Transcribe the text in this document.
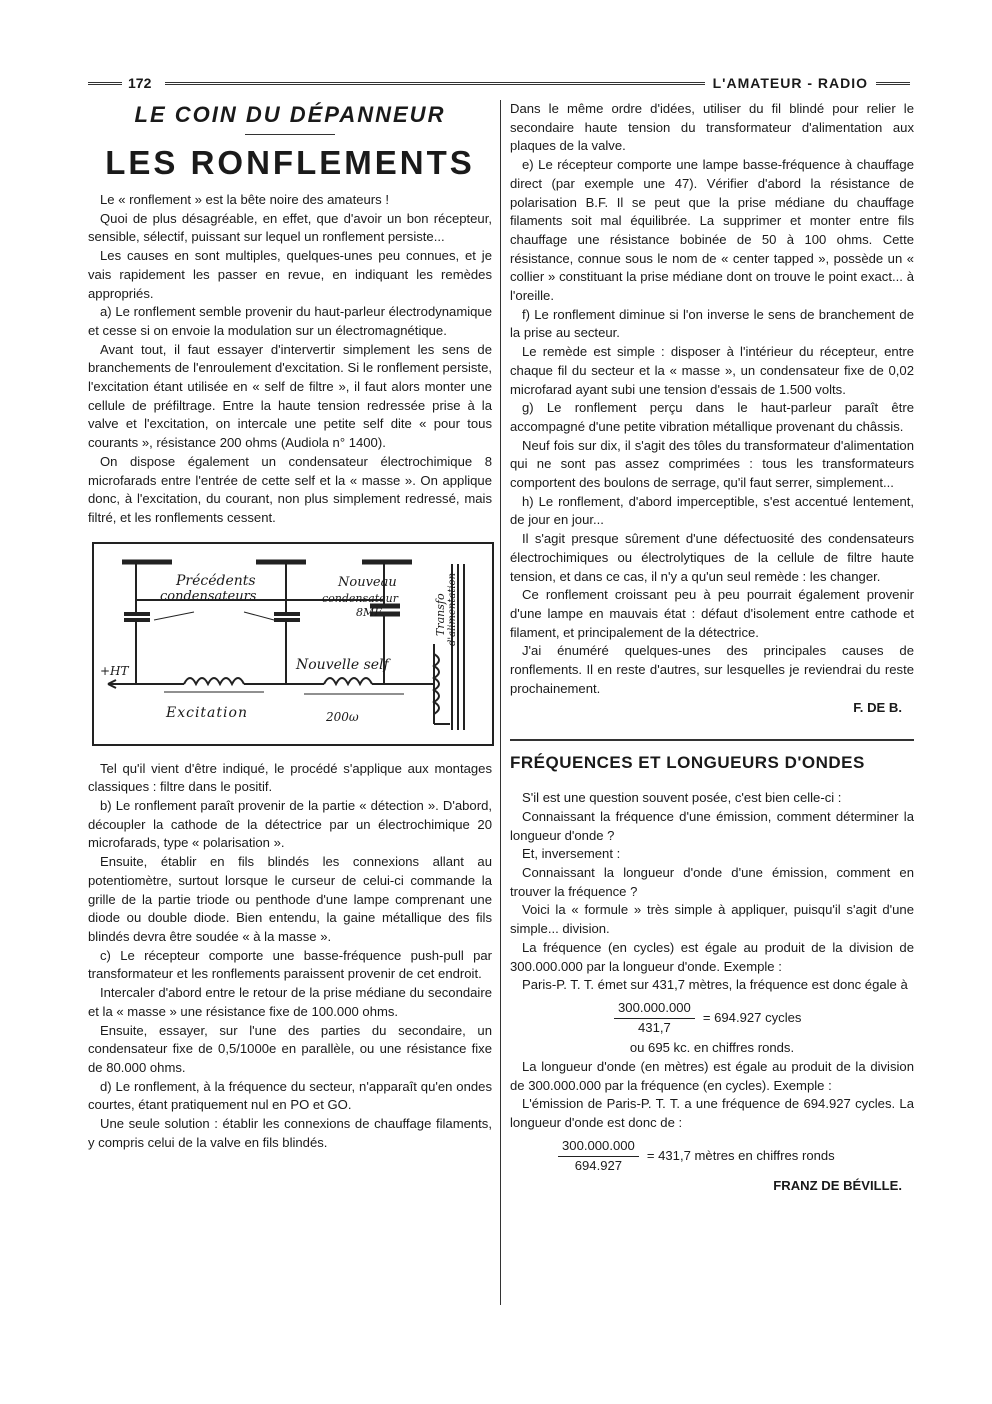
172	L'AMATEUR - RADIO
LE COIN DU DÉPANNEUR
LES RONFLEMENTS

Le « ronflement » est la bête noire des amateurs !

Quoi de plus désagréable, en effet, que d'avoir un bon récepteur, sensible, sélectif, puissant sur lequel un ronflement persiste...

Les causes en sont multiples, quelques-unes peu connues, et je vais rapidement les passer en revue, en indiquant les remèdes appropriés.

a) Le ronflement semble provenir du haut-parleur électrodynamique et cesse si on envoie la modulation sur un électromagnétique.

Avant tout, il faut essayer d'intervertir simplement les sens de branchements de l'enroulement d'excitation. Si le ronflement persiste, l'excitation étant utilisée en « self de filtre », il faut alors monter une cellule de préfiltrage. Entre la haute tension redressée prise à la valve et l'excitation, on intercale une petite self dite « pour tous courants », résistance 200 ohms (Audiola n° 1400).

On dispose également un condensateur électrochimique 8 microfarads entre l'entrée de cette self et la « masse ». On applique donc, à l'excitation, du courant, non plus simplement redressé, mais filtré, et les ronflements cessent.

Précédents
condensateurs
Nouveau
condensateur
8MF	Transfo d'alimentation
+HT	Nouvelle self
Excitation	200ω

Tel qu'il vient d'être indiqué, le procédé s'applique aux montages classiques : filtre dans le positif.

b) Le ronflement paraît provenir de la partie « détection ». D'abord, découpler la cathode de la détectrice par un électrochimique 20 microfarads, type « polarisation ».

Ensuite, établir en fils blindés les connexions allant au potentiomètre, surtout lorsque le curseur de celui-ci commande la grille de la partie triode ou penthode d'une lampe comprenant une diode ou double diode. Bien entendu, la gaine métallique des fils blindés devra être soudée « à la masse ».

c) Le récepteur comporte une basse-fréquence push-pull par transformateur et les ronflements paraissent provenir de cet endroit.

Intercaler d'abord entre le retour de la prise médiane du secondaire et la « masse » une résistance fixe de 100.000 ohms.

Ensuite, essayer, sur l'une des parties du secondaire, un condensateur fixe de 0,5/1000e en parallèle, ou une résistance fixe de 80.000 ohms.

d) Le ronflement, à la fréquence du secteur, n'apparaît qu'en ondes courtes, étant pratiquement nul en PO et GO.

Une seule solution : établir les connexions de chauffage filaments, y compris celui de la valve en fils blindés.

Dans le même ordre d'idées, utiliser du fil blindé pour relier le secondaire haute tension du transformateur d'alimentation aux plaques de la valve.

e) Le récepteur comporte une lampe basse-fréquence à chauffage direct (par exemple une 47). Vérifier d'abord la résistance de polarisation B.F. Il se peut que la prise médiane du chauffage filaments soit mal équilibrée. La supprimer et monter entre fils chauffage une résistance bobinée de 50 à 100 ohms. Cette résistance, connue sous le nom de « center tapped », possède un « collier » constituant la prise médiane dont on trouve le point exact... à l'oreille.

f) Le ronflement diminue si l'on inverse le sens de branchement de la prise au secteur.

Le remède est simple : disposer à l'intérieur du récepteur, entre chaque fil du secteur et la « masse », un condensateur fixe de 0,02 microfarad ayant subi une tension d'essais de 1.500 volts.

g) Le ronflement perçu dans le haut-parleur paraît être accompagné d'une petite vibration métallique provenant du châssis.

Neuf fois sur dix, il s'agit des tôles du transformateur d'alimentation qui ne sont pas assez comprimées : tous les transformateurs comportent des boulons de serrage, qu'il faut serrer, simplement...

h) Le ronflement, d'abord imperceptible, s'est accentué lentement, de jour en jour...

Il s'agit presque sûrement d'une défectuosité des condensateurs électrochimiques ou électrolytiques de la cellule de filtre haute tension, et dans ce cas, il n'y a qu'un seul remède : les changer.

Ce ronflement croissant peu à peu pourrait également provenir d'une lampe en mauvais état : défaut d'isolement entre cathode et filament, et principalement de la détectrice.

J'ai énuméré quelques-unes des principales causes de ronflements. Il en reste d'autres, sur lesquelles je reviendrai du reste prochainement.

F. DE B.
FRÉQUENCES ET LONGUEURS D'ONDES

S'il est une question souvent posée, c'est bien celle-ci :

Connaissant la fréquence d'une émission, comment déterminer la longueur d'onde ?

Et, inversement :

Connaissant la longueur d'onde d'une émission, comment en trouver la fréquence ?

Voici la « formule » très simple à appliquer, puisqu'il s'agit d'une simple... division.

La fréquence (en cycles) est égale au produit de la division de 300.000.000 par la longueur d'onde. Exemple :

Paris-P. T. T. émet sur 431,7 mètres, la fréquence est donc égale à

$\frac{300.000.000}{431,7} = 694.927$ cycles
ou 695 kc. en chiffres ronds.

La longueur d'onde (en mètres) est égale au produit de la division de 300.000.000 par la fréquence (en cycles). Exemple :

L'émission de Paris-P. T. T. a une fréquence de 694.927 cycles. La longueur d'onde est donc de :

$\frac{300.000.000}{694.927} = 431,7$ mètres en chiffres ronds
FRANZ DE BÉVILLE.
